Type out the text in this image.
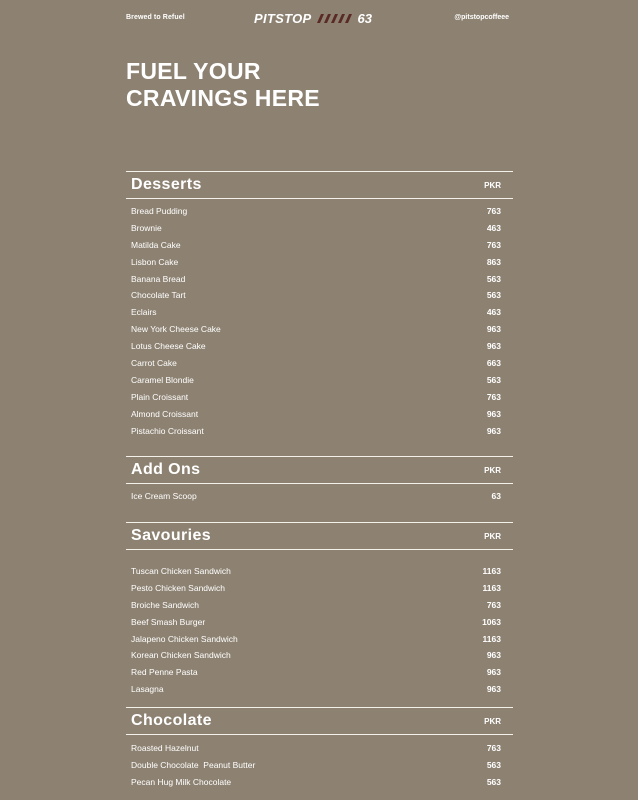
Brewed to Refuel	PITSTOP	63	@pitstopcoffeee
FUEL YOUR
CRAVINGS HERE
Desserts	PKR
Bread Pudding	763
Brownie	463
Matilda Cake	763
Lisbon Cake	863
Banana Bread	563
Chocolate Tart	563
Eclairs	463
New York Cheese Cake	963
Lotus Cheese Cake	963
Carrot Cake	663
Caramel Blondie	563
Plain Croissant	763
Almond Croissant	963
Pistachio Croissant	963
Add Ons	PKR
Ice Cream Scoop	63
Savouries	PKR
Tuscan Chicken Sandwich	1163
Pesto Chicken Sandwich	1163
Broiche Sandwich	763
Beef Smash Burger	1063
Jalapeno Chicken Sandwich	1163
Korean Chicken Sandwich	963
Red Penne Pasta	963
Lasagna	963
Chocolate	PKR
Roasted Hazelnut	763
Double Chocolate  Peanut Butter	563
Pecan Hug Milk Chocolate	563
